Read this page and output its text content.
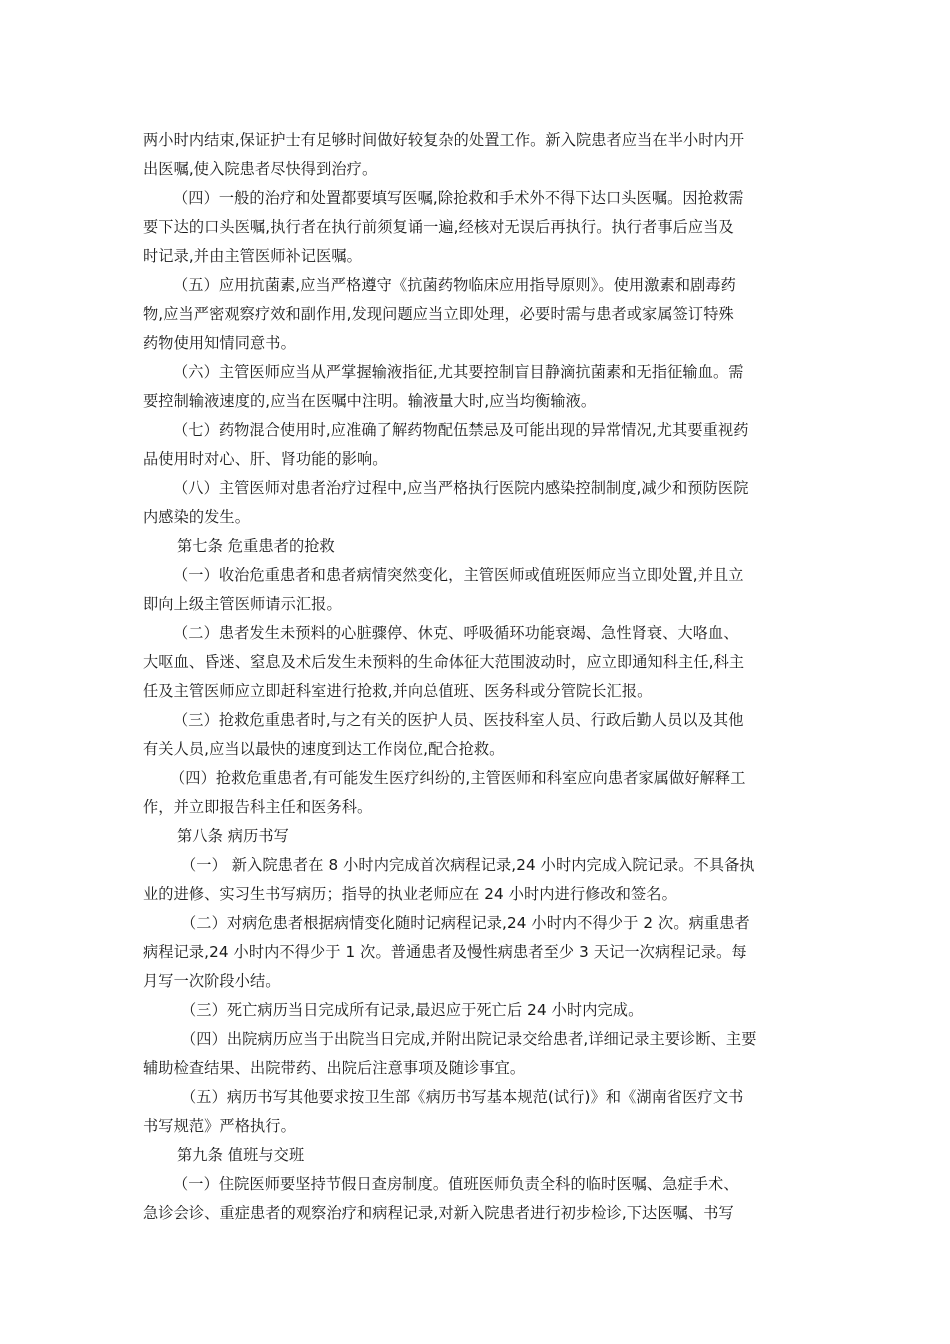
两小时内结束,保证护士有足够时间做好较复杂的处置工作。新入院患者应当在半小时内开
出医嘱,使入院患者尽快得到治疗。
（四）一般的治疗和处置都要填写医嘱,除抢救和手术外不得下达口头医嘱。因抢救需
要下达的口头医嘱,执行者在执行前须复诵一遍,经核对无误后再执行。执行者事后应当及
时记录,并由主管医师补记医嘱。
（五）应用抗菌素,应当严格遵守《抗菌药物临床应用指导原则》。使用激素和剧毒药
物,应当严密观察疗效和副作用,发现问题应当立即处理，必要时需与患者或家属签订特殊
药物使用知情同意书。
（六）主管医师应当从严掌握输液指征,尤其要控制盲目静滴抗菌素和无指征输血。需
要控制输液速度的,应当在医嘱中注明。输液量大时,应当均衡输液。
（七）药物混合使用时,应准确了解药物配伍禁忌及可能出现的异常情况,尤其要重视药
品使用时对心、肝、肾功能的影响。
（八）主管医师对患者治疗过程中,应当严格执行医院内感染控制制度,减少和预防医院
内感染的发生。
第七条 危重患者的抢救
（一）收治危重患者和患者病情突然变化，主管医师或值班医师应当立即处置,并且立
即向上级主管医师请示汇报。
（二）患者发生未预料的心脏骤停、休克、呼吸循环功能衰竭、急性肾衰、大咯血、
大呕血、昏迷、窒息及术后发生未预料的生命体征大范围波动时，应立即通知科主任,科主
任及主管医师应立即赶科室进行抢救,并向总值班、医务科或分管院长汇报。
（三）抢救危重患者时,与之有关的医护人员、医技科室人员、行政后勤人员以及其他
有关人员,应当以最快的速度到达工作岗位,配合抢救。
（四）抢救危重患者,有可能发生医疗纠纷的,主管医师和科室应向患者家属做好解释工
作，并立即报告科主任和医务科。
第八条 病历书写
（一） 新入院患者在 8 小时内完成首次病程记录,24 小时内完成入院记录。不具备执
业的进修、实习生书写病历；指导的执业老师应在 24 小时内进行修改和签名。
（二）对病危患者根据病情变化随时记病程记录,24 小时内不得少于 2 次。病重患者
病程记录,24 小时内不得少于 1 次。普通患者及慢性病患者至少 3 天记一次病程记录。每
月写一次阶段小结。
（三）死亡病历当日完成所有记录,最迟应于死亡后 24 小时内完成。
（四）出院病历应当于出院当日完成,并附出院记录交给患者,详细记录主要诊断、主要
辅助检查结果、出院带药、出院后注意事项及随诊事宜。
（五）病历书写其他要求按卫生部《病历书写基本规范(试行)》和《湖南省医疗文书
书写规范》严格执行。
第九条 值班与交班
（一）住院医师要坚持节假日查房制度。值班医师负责全科的临时医嘱、急症手术、
急诊会诊、重症患者的观察治疗和病程记录,对新入院患者进行初步检诊,下达医嘱、书写
